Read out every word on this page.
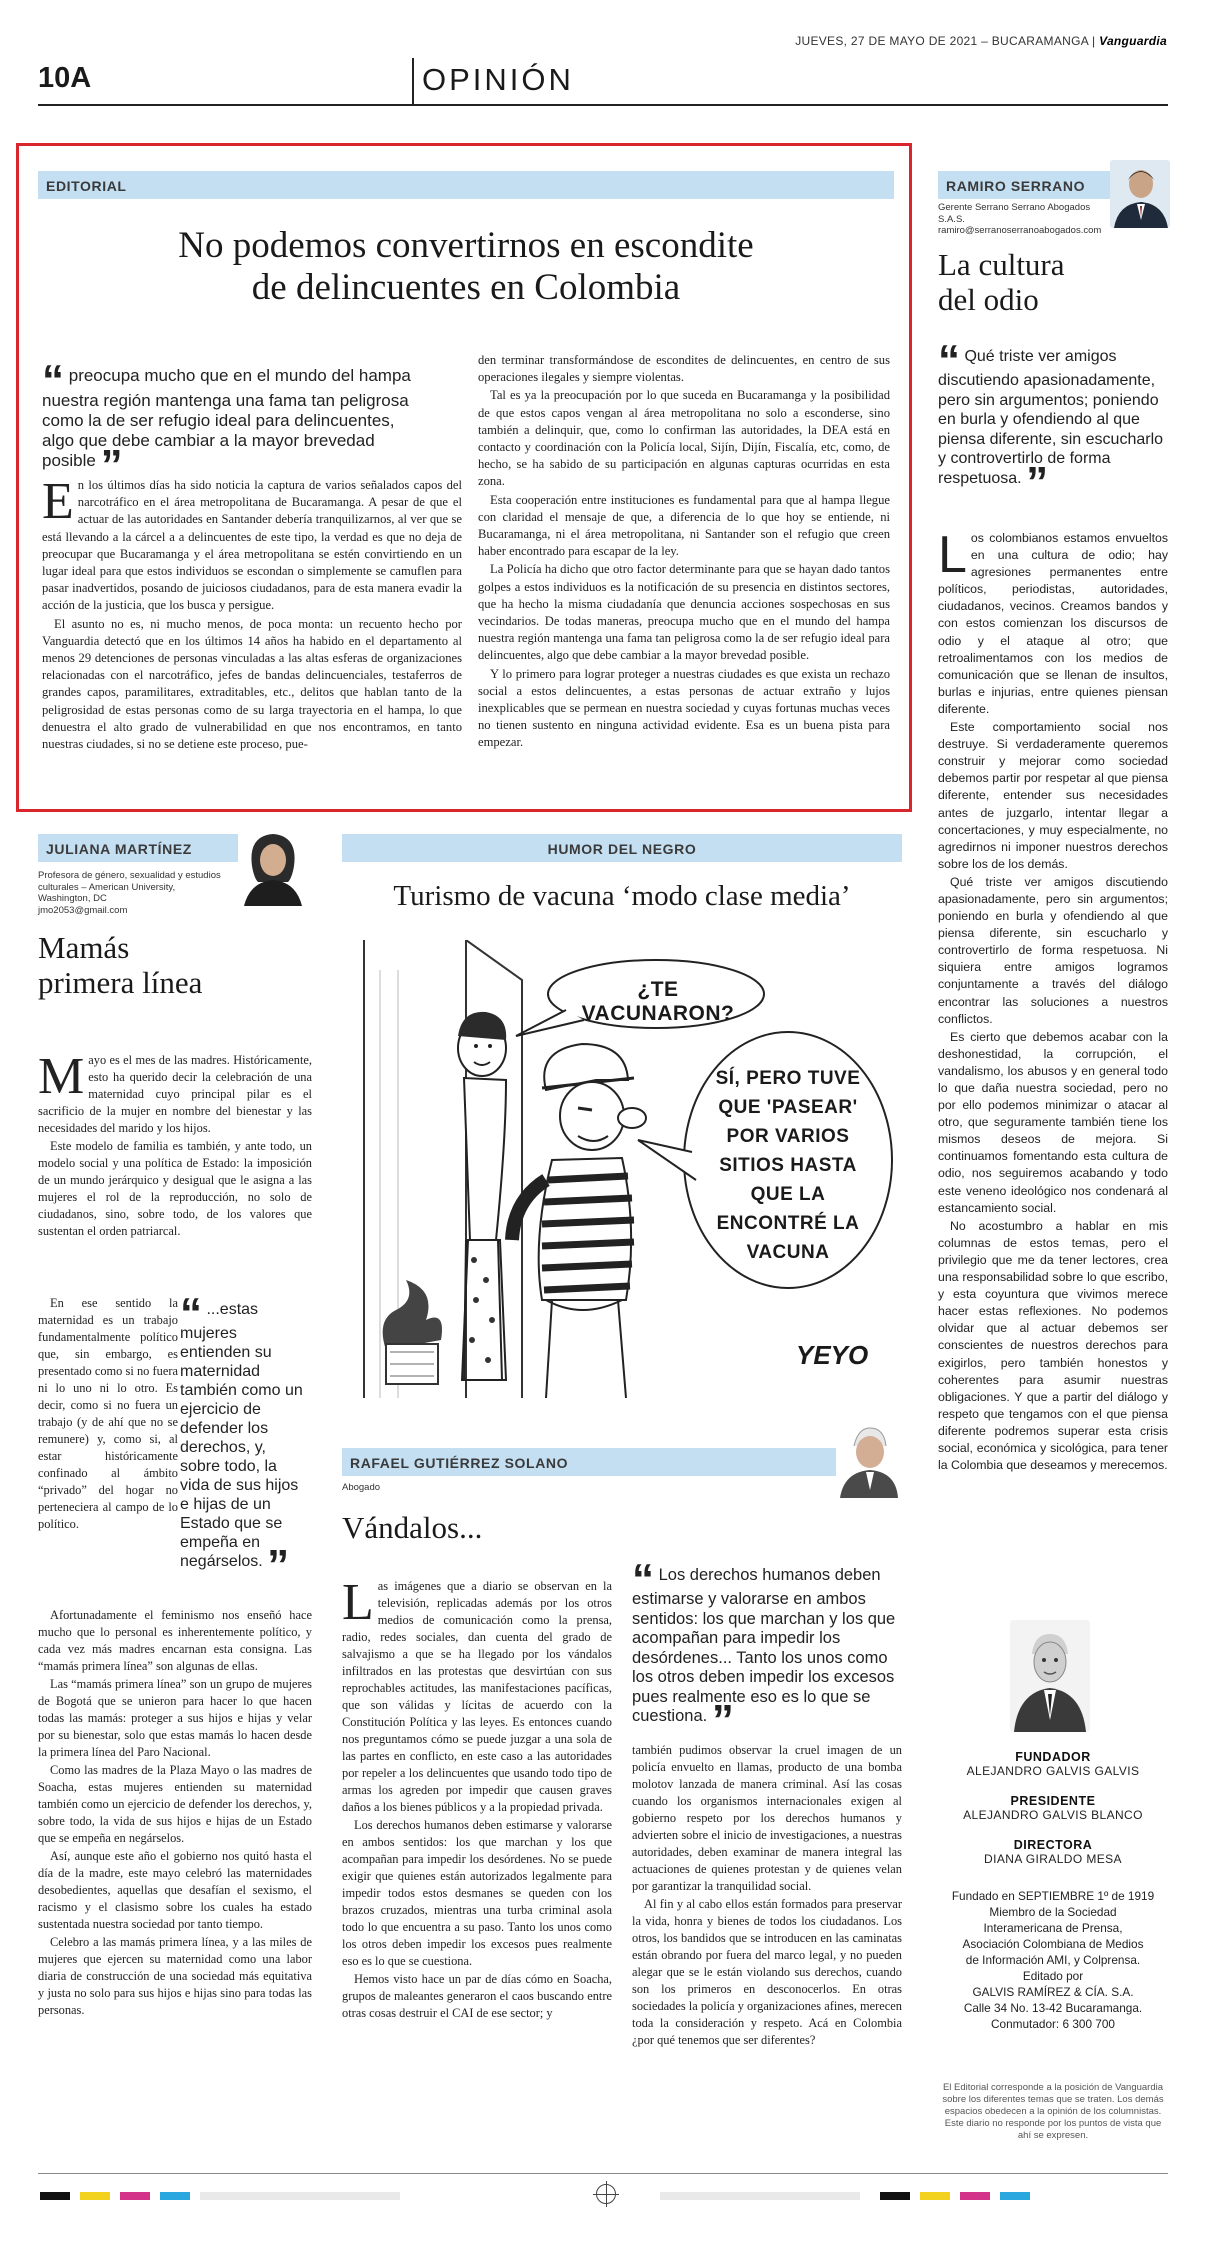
JUEVES, 27 DE MAYO DE 2021 – BUCARAMANGA | Vanguardia
10A	OPINIÓN
EDITORIAL
No podemos convertirnos en escondite
de delincuentes en Colombia
“ preocupa mucho que en el mundo del hampa nuestra región mantenga una fama tan peligrosa como la de ser refugio ideal para delincuentes, algo que debe cambiar a la mayor brevedad posible ”

En los últimos días ha sido noticia la captura de varios señalados capos del narcotráfico en el área metropolitana de Bucaramanga. A pesar de que el actuar de las autoridades en Santander debería tranquilizarnos, al ver que se está llevando a la cárcel a a delincuentes de este tipo, la verdad es que no deja de preocupar que Bucaramanga y el área metropolitana se estén convirtiendo en un lugar ideal para que estos individuos se escondan o simplemente se camuflen para pasar inadvertidos, posando de juiciosos ciudadanos, para de esta manera evadir la acción de la justicia, que los busca y persigue.

El asunto no es, ni mucho menos, de poca monta: un recuento hecho por Vanguardia detectó que en los últimos 14 años ha habido en el departamento al menos 29 detenciones de personas vinculadas a las altas esferas de organizaciones relacionadas con el narcotráfico, jefes de bandas delincuenciales, testaferros de grandes capos, paramilitares, extraditables, etc., delitos que hablan tanto de la peligrosidad de estas personas como de su larga trayectoria en el hampa, lo que denuestra el alto grado de vulnerabilidad en que nos encontramos, en tanto nuestras ciudades, si no se detiene este proceso, pue-

den terminar transformándose de escondites de delincuentes, en centro de sus operaciones ilegales y siempre violentas.

Tal es ya la preocupación por lo que suceda en Bucaramanga y la posibilidad de que estos capos vengan al área metropolitana no solo a esconderse, sino también a delinquir, que, como lo confirman las autoridades, la DEA está en contacto y coordinación con la Policía local, Sijín, Dijín, Fiscalía, etc, como, de hecho, se ha sabido de su participación en algunas capturas ocurridas en esta zona.

Esta cooperación entre instituciones es fundamental para que al hampa llegue con claridad el mensaje de que, a diferencia de lo que hoy se entiende, ni Bucaramanga, ni el área metropolitana, ni Santander son el refugio que creen haber encontrado para escapar de la ley.

La Policía ha dicho que otro factor determinante para que se hayan dado tantos golpes a estos individuos es la notificación de su presencia en distintos sectores, que ha hecho la misma ciudadanía que denuncia acciones sospechosas en sus vecindarios. De todas maneras, preocupa mucho que en el mundo del hampa nuestra región mantenga una fama tan peligrosa como la de ser refugio ideal para delincuentes, algo que debe cambiar a la mayor brevedad posible.

Y lo primero para lograr proteger a nuestras ciudades es que exista un rechazo social a estos delincuentes, a estas personas de actuar extraño y lujos inexplicables que se permean en nuestra sociedad y cuyas fortunas muchas veces no tienen sustento en ninguna actividad evidente. Esa es un buena pista para empezar.

RAMIRO SERRANO
Gerente Serrano Serrano Abogados S.A.S.
ramiro@serranoserranoabogados.com
La cultura
del odio
“ Qué triste ver amigos discutiendo apasionadamente, pero sin argumentos; poniendo en burla y ofendiendo al que piensa diferente, sin escucharlo y controvertirlo de forma respetuosa. ”

Los colombianos estamos envueltos en una cultura de odio; hay agresiones permanentes entre políticos, periodistas, autoridades, ciudadanos, vecinos. Creamos bandos y con estos comienzan los discursos de odio y el ataque al otro; que retroalimentamos con los medios de comunicación que se llenan de insultos, burlas e injurias, entre quienes piensan diferente.

Este comportamiento social nos destruye. Si verdaderamente queremos construir y mejorar como sociedad debemos partir por respetar al que piensa diferente, entender sus necesidades antes de juzgarlo, intentar llegar a concertaciones, y muy especialmente, no agredirnos ni imponer nuestros derechos sobre los de los demás.

Qué triste ver amigos discutiendo apasionadamente, pero sin argumentos; poniendo en burla y ofendiendo al que piensa diferente, sin escucharlo y controvertirlo de forma respetuosa. Ni siquiera entre amigos logramos conjuntamente a través del diálogo encontrar las soluciones a nuestros conflictos.

Es cierto que debemos acabar con la deshonestidad, la corrupción, el vandalismo, los abusos y en general todo lo que daña nuestra sociedad, pero no por ello podemos minimizar o atacar al otro, que seguramente también tiene los mismos deseos de mejora. Si continuamos fomentando esta cultura de odio, nos seguiremos acabando y todo este veneno ideológico nos condenará al estancamiento social.

No acostumbro a hablar en mis columnas de estos temas, pero el privilegio que me da tener lectores, crea una responsabilidad sobre lo que escribo, y esta coyuntura que vivimos merece hacer estas reflexiones. No podemos olvidar que al actuar debemos ser conscientes de nuestros derechos para exigirlos, pero también honestos y coherentes para asumir nuestras obligaciones. Y que a partir del diálogo y respeto que tengamos con el que piensa diferente podremos superar esta crisis social, económica y sicológica, para tener la Colombia que deseamos y merecemos.

JULIANA MARTÍNEZ
Profesora de género, sexualidad y estudios culturales – American University, Washington, DC
jmo2053@gmail.com
Mamás
primera línea

Mayo es el mes de las madres. Históricamente, esto ha querido decir la celebración de una maternidad cuyo principal pilar es el sacrificio de la mujer en nombre del bienestar y las necesidades del marido y los hijos.

Este modelo de familia es también, y ante todo, un modelo social y una política de Estado: la imposición de un mundo jerárquico y desigual que le asigna a las mujeres el rol de la reproducción, no solo de ciudadanos, sino, sobre todo, de los valores que sustentan el orden patriarcal.

En ese sentido la maternidad es un trabajo fundamentalmente político que, sin embargo, es presentado como si no fuera ni lo uno ni lo otro. Es decir, como si no fuera un trabajo (y de ahí que no se remunere) y, como si, al estar históricamente confinado al ámbito “privado” del hogar no perteneciera al campo de lo político.

“ ...estas mujeres entienden su maternidad también como un ejercicio de defender los derechos, y, sobre todo, la vida de sus hijos e hijas de un Estado que se empeña en negárselos. ”

Afortunadamente el feminismo nos enseñó hace mucho que lo personal es inherentemente político, y cada vez más madres encarnan esta consigna. Las “mamás primera línea” son algunas de ellas.

Las “mamás primera línea” son un grupo de mujeres de Bogotá que se unieron para hacer lo que hacen todas las mamás: proteger a sus hijos e hijas y velar por su bienestar, solo que estas mamás lo hacen desde la primera línea del Paro Nacional.

Como las madres de la Plaza Mayo o las madres de Soacha, estas mujeres entienden su maternidad también como un ejercicio de defender los derechos, y, sobre todo, la vida de sus hijos e hijas de un Estado que se empeña en negárselos.

Así, aunque este año el gobierno nos quitó hasta el día de la madre, este mayo celebró las maternidades desobedientes, aquellas que desafían el sexismo, el racismo y el clasismo sobre los cuales ha estado sustentada nuestra sociedad por tanto tiempo.

Celebro a las mamás primera línea, y a las miles de mujeres que ejercen su maternidad como una labor diaria de construcción de una sociedad más equitativa y justa no solo para sus hijos e hijas sino para todas las personas.

HUMOR DEL NEGRO
Turismo de vacuna ‘modo clase media’
¿TE VACUNARON?
SÍ, PERO TUVE QUE 'PASEAR' POR VARIOS SITIOS HASTA QUE LA ENCONTRÉ LA VACUNA
YEYO
RAFAEL GUTIÉRREZ SOLANO
Abogado
Vándalos...

Las imágenes que a diario se observan en la televisión, replicadas además por los otros medios de comunicación como la prensa, radio, redes sociales, dan cuenta del grado de salvajismo a que se ha llegado por los vándalos infiltrados en las protestas que desvirtúan con sus reprochables actitudes, las manifestaciones pacíficas, que son válidas y lícitas de acuerdo con la Constitución Política y las leyes. Es entonces cuando nos preguntamos cómo se puede juzgar a una sola de las partes en conflicto, en este caso a las autoridades por repeler a los delincuentes que usando todo tipo de armas los agreden por impedir que causen graves daños a los bienes públicos y a la propiedad privada.

Los derechos humanos deben estimarse y valorarse en ambos sentidos: los que marchan y los que acompañan para impedir los desórdenes. No se puede exigir que quienes están autorizados legalmente para impedir todos estos desmanes se queden con los brazos cruzados, mientras una turba criminal asola todo lo que encuentra a su paso. Tanto los unos como los otros deben impedir los excesos pues realmente eso es lo que se cuestiona.

Hemos visto hace un par de días cómo en Soacha, grupos de maleantes generaron el caos buscando entre otras cosas destruir el CAI de ese sector; y

“ Los derechos humanos deben estimarse y valorarse en ambos sentidos: los que marchan y los que acompañan para impedir los desórdenes... Tanto los unos como los otros deben impedir los excesos pues realmente eso es lo que se cuestiona. ”

también pudimos observar la cruel imagen de un policía envuelto en llamas, producto de una bomba molotov lanzada de manera criminal. Así las cosas cuando los organismos internacionales exigen al gobierno respeto por los derechos humanos y advierten sobre el inicio de investigaciones, a nuestras autoridades, deben examinar de manera integral las actuaciones de quienes protestan y de quienes velan por garantizar la tranquilidad social.

Al fin y al cabo ellos están formados para preservar la vida, honra y bienes de todos los ciudadanos. Los otros, los bandidos que se introducen en las caminatas están obrando por fuera del marco legal, y no pueden alegar que se le están violando sus derechos, cuando son los primeros en desconocerlos. En otras sociedades la policía y organizaciones afines, merecen toda la consideración y respeto. Acá en Colombia ¿por qué tenemos que ser diferentes?

FUNDADOR
ALEJANDRO GALVIS GALVIS
PRESIDENTE
ALEJANDRO GALVIS BLANCO
DIRECTORA
DIANA GIRALDO MESA
Fundado en SEPTIEMBRE 1º de 1919
Miembro de la Sociedad
Interamericana de Prensa,
Asociación Colombiana de Medios
de Información AMI, y Colprensa.
Editado por
GALVIS RAMÍREZ & CÍA. S.A.
Calle 34 No. 13-42 Bucaramanga.
Conmutador: 6 300 700
El Editorial corresponde a la posición de Vanguardia sobre los diferentes temas que se traten. Los demás espacios obedecen a la opinión de los columnistas. Este diario no responde por los puntos de vista que ahí se expresen.
